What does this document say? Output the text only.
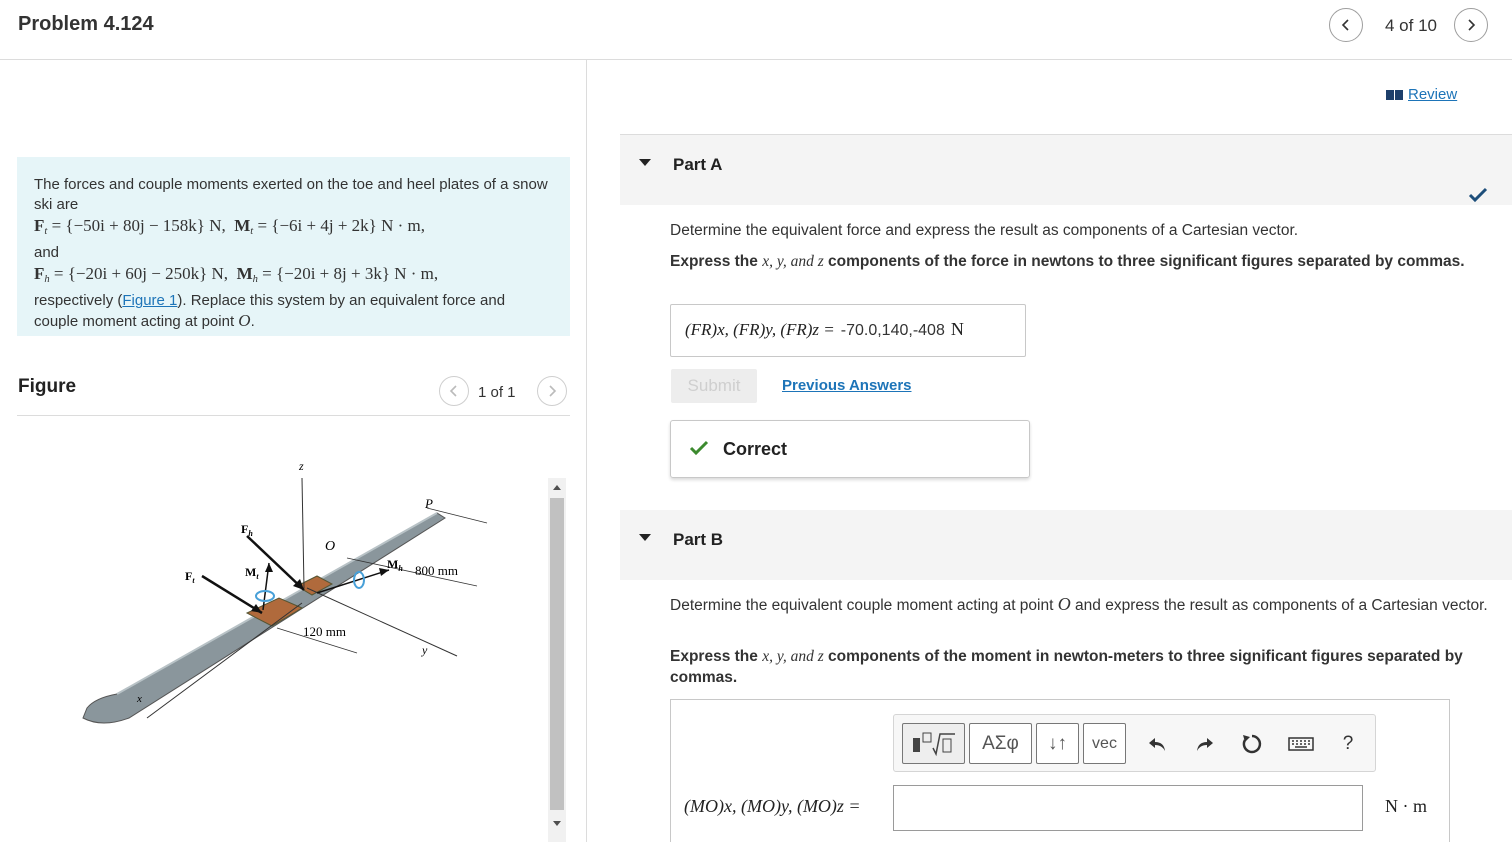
Problem 4.124	4 of 10

The forces and couple moments exerted on the toe and heel plates of a snow ski are

$F_t = \{-50i + 80j - 158k\}$ N, $M_t = \{-6i + 4j + 2k\} N \cdot m$,

and

$F_h = \{-20i + 60j - 250k\}$ N, $M_h = \{-20i + 8j + 3k\} N \cdot m$,

respectively (Figure 1). Replace this system by an equivalent force and couple moment acting at point O.

Figure	1 of 1
z
P
O
$F_h$
$F_t$
$M_t$
$M_h$ 800 mm
120 mm
x
y
Review
Part A
Determine the equivalent force and express the result as components of a Cartesian vector.
Express the x, y, and z components of the force in newtons to three significant figures separated by commas.
(FR)x, (FR)y, (FR)z = -70.0,140,-408 N
Submit	Previous Answers
Correct
Part B
Determine the equivalent couple moment acting at point O and express the result as components of a Cartesian vector.
Express the x, y, and z components of the moment in newton-meters to three significant figures separated by commas.
ΑΣφ	↓↑	vec	?
(MO)x, (MO)y, (MO)z =	N · m
